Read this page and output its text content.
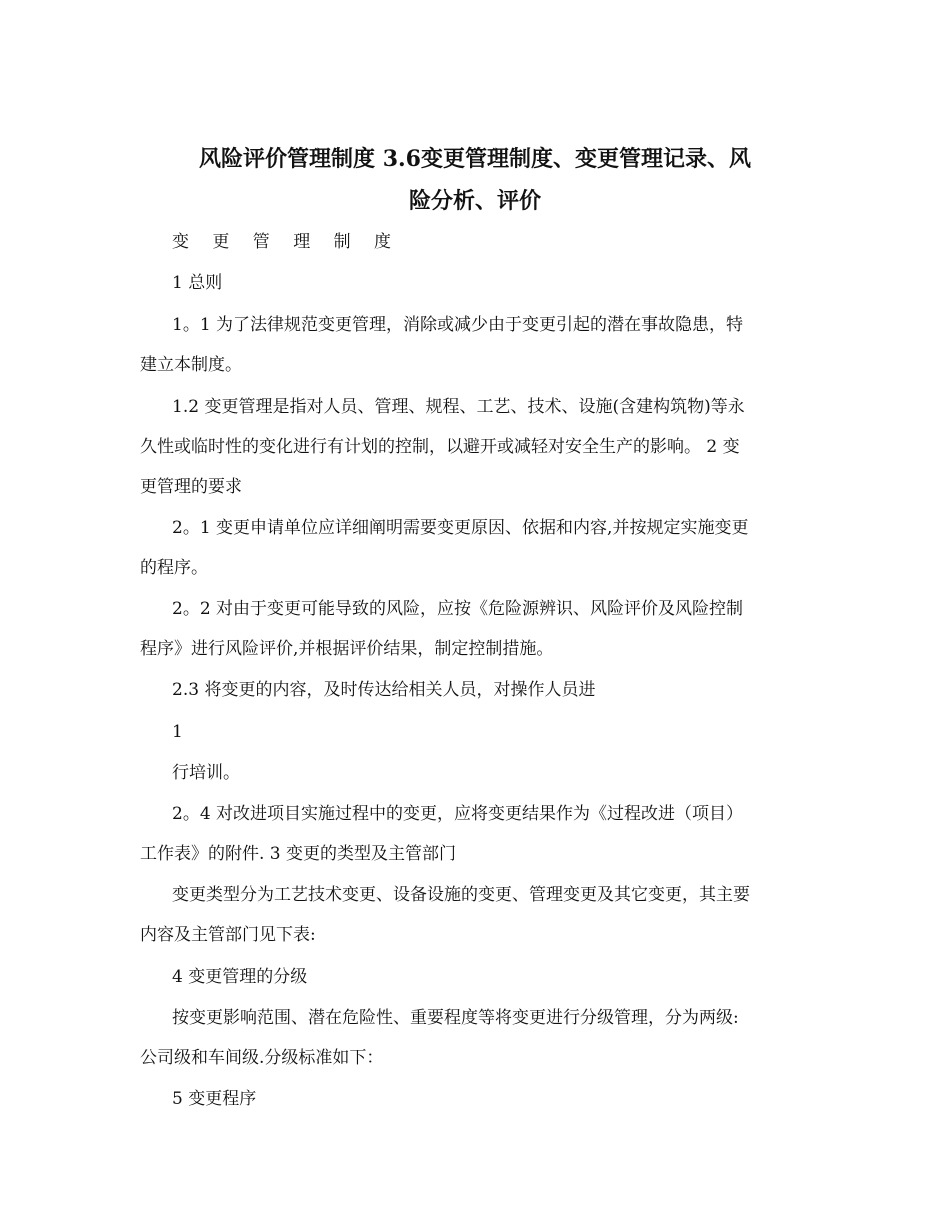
风险评价管理制度 3.6变更管理制度、变更管理记录、风
险分析、评价

变 更 管 理 制 度

1 总则

1。1 为了法律规范变更管理，消除或减少由于变更引起的潜在事故隐患，特
建立本制度。

1.2 变更管理是指对人员、管理、规程、工艺、技术、设施(含建构筑物)等永
久性或临时性的变化进行有计划的控制，以避开或减轻对安全生产的影响。 2 变
更管理的要求

2。1 变更申请单位应详细阐明需要变更原因、依据和内容,并按规定实施变更
的程序。

2。2 对由于变更可能导致的风险，应按《危险源辨识、风险评价及风险控制
程序》进行风险评价,并根据评价结果，制定控制措施。

2.3 将变更的内容，及时传达给相关人员，对操作人员进

1

行培训。

2。4 对改进项目实施过程中的变更，应将变更结果作为《过程改进（项目）
工作表》的附件. 3 变更的类型及主管部门

变更类型分为工艺技术变更、设备设施的变更、管理变更及其它变更，其主要
内容及主管部门见下表:

4 变更管理的分级

按变更影响范围、潜在危险性、重要程度等将变更进行分级管理，分为两级:
公司级和车间级.分级标准如下：

5 变更程序
